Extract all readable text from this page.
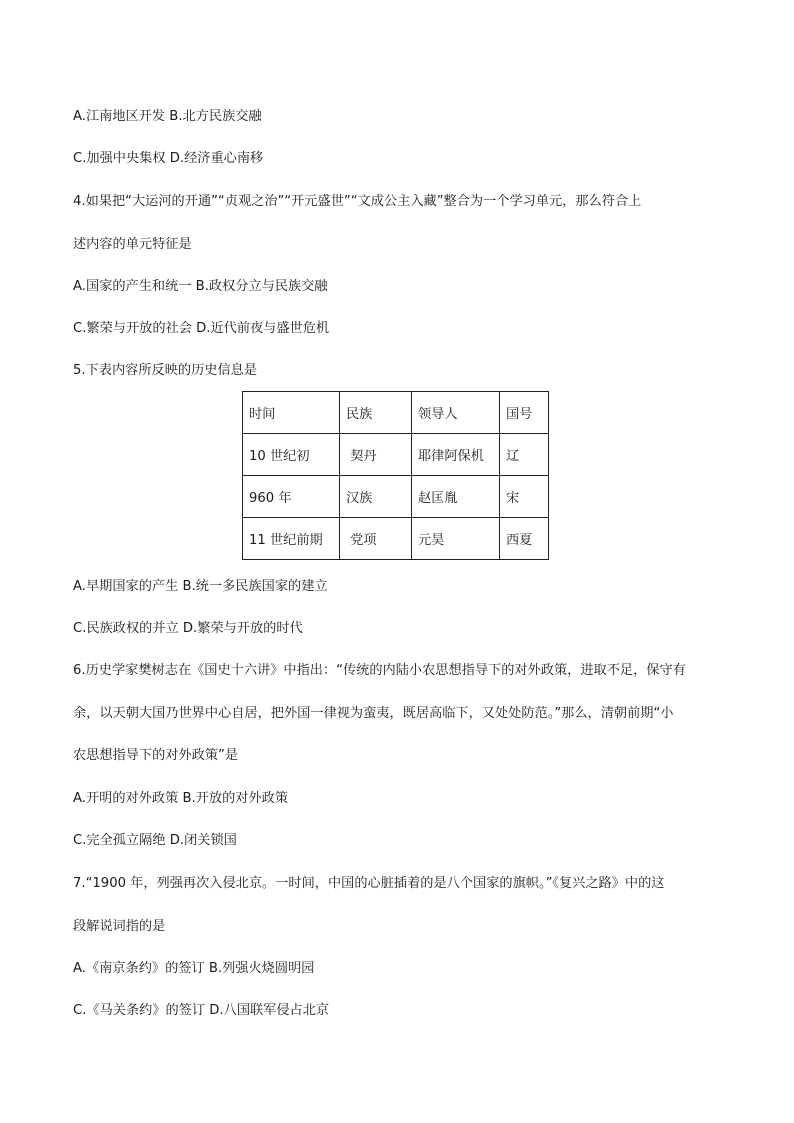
A.江南地区开发 B.北方民族交融

C.加强中央集权 D.经济重心南移

4.如果把“大运河的开通”“贞观之治”“开元盛世”“文成公主入藏”整合为一个学习单元，那么符合上

述内容的单元特征是

A.国家的产生和统一 B.政权分立与民族交融

C.繁荣与开放的社会 D.近代前夜与盛世危机

5.下表内容所反映的历史信息是

时间	民族	领导人	国号
10 世纪初	契丹	耶律阿保机	辽
960 年	汉族	赵匡胤	宋
11 世纪前期	党项	元昊	西夏

A.早期国家的产生 B.统一多民族国家的建立

C.民族政权的并立 D.繁荣与开放的时代

6.历史学家樊树志在《国史十六讲》中指出：“传统的内陆小农思想指导下的对外政策，进取不足，保守有

余，以天朝大国乃世界中心自居，把外国一律视为蛮夷，既居高临下，又处处防范。”那么，清朝前期“小

农思想指导下的对外政策”是

A.开明的对外政策 B.开放的对外政策

C.完全孤立隔绝 D.闭关锁国

7.“1900 年，列强再次入侵北京。一时间，中国的心脏插着的是八个国家的旗帜。”《复兴之路》中的这

段解说词指的是

A.《南京条约》的签订 B.列强火烧圆明园

C.《马关条约》的签订 D.八国联军侵占北京
